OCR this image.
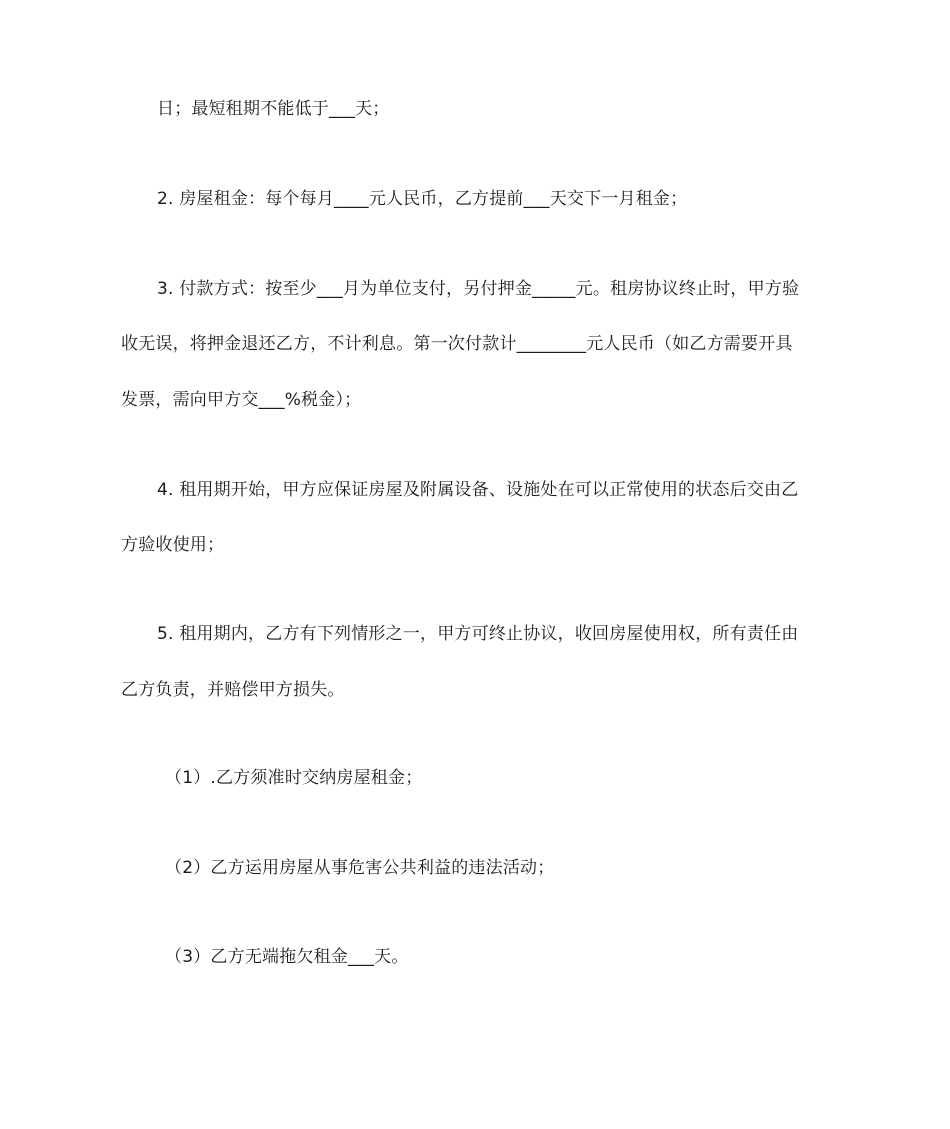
日；最短租期不能低于___天；
2. 房屋租金：每个每月____元人民币，乙方提前___天交下一月租金；
3. 付款方式：按至少___月为单位支付，另付押金_____元。租房协议终止时，甲方验
收无误，将押金退还乙方，不计利息。第一次付款计________元人民币（如乙方需要开具
发票，需向甲方交___%税金）；
4. 租用期开始，甲方应保证房屋及附属设备、设施处在可以正常使用的状态后交由乙
方验收使用；
5. 租用期内，乙方有下列情形之一，甲方可终止协议，收回房屋使用权，所有责任由
乙方负责，并赔偿甲方损失。
（1）.乙方须准时交纳房屋租金；
（2）乙方运用房屋从事危害公共利益的违法活动；
（3）乙方无端拖欠租金___天。
